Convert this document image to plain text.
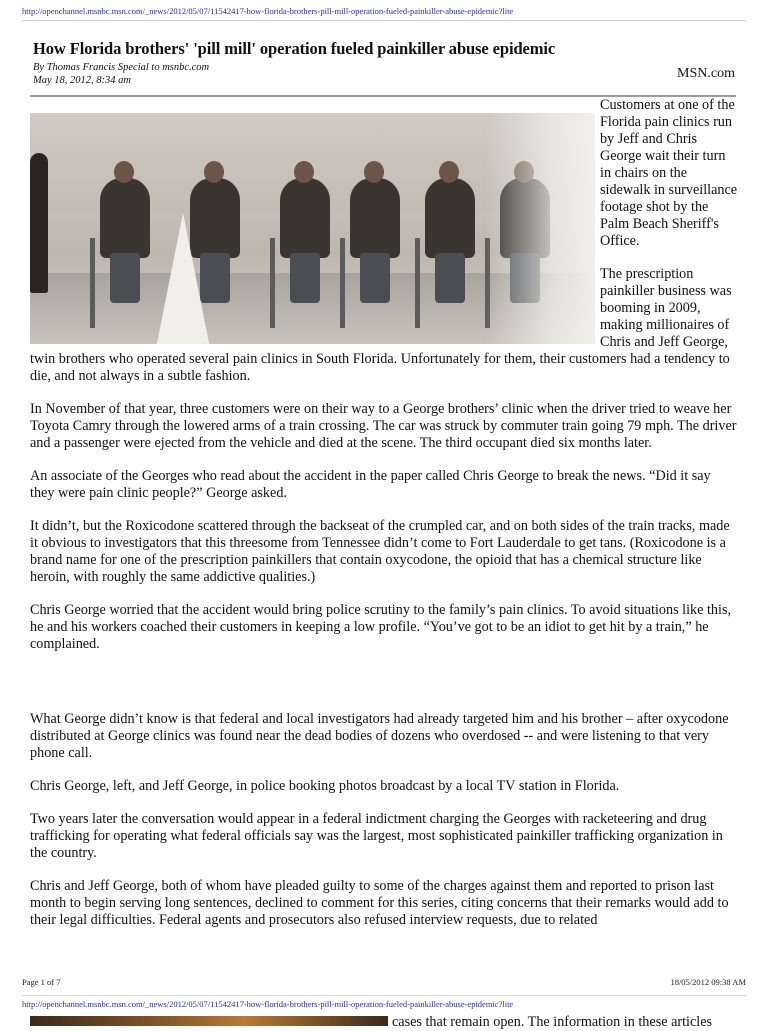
http://openchannel.msnbc.msn.com/_news/2012/05/07/11542417-how-florida-brothers-pill-mill-operation-fueled-painkiller-abuse-epidemic?lite
How Florida brothers' 'pill mill' operation fueled painkiller abuse epidemic
By Thomas Francis Special to msnbc.com
May 18, 2012, 8:34 am	MSN.com

Customers at one of the Florida pain clinics run by Jeff and Chris George wait their turn in chairs on the sidewalk in surveillance footage shot by the Palm Beach Sheriff's Office.

The prescription painkiller business was booming in 2009, making millionaires of Chris and Jeff George, twin brothers who operated several pain clinics in South Florida. Unfortunately for them, their customers had a tendency to die, and not always in a subtle fashion.

In November of that year, three customers were on their way to a George brothers’ clinic when the driver tried to weave her Toyota Camry through the lowered arms of a train crossing. The car was struck by commuter train going 79 mph. The driver and a passenger were ejected from the vehicle and died at the scene. The third occupant died six months later.

An associate of the Georges who read about the accident in the paper called Chris George to break the news. “Did it say they were pain clinic people?” George asked.

It didn’t, but the Roxicodone scattered through the backseat of the crumpled car, and on both sides of the train tracks, made it obvious to investigators that this threesome from Tennessee didn’t come to Fort Lauderdale to get tans. (Roxicodone is a brand name for one of the prescription painkillers that contain oxycodone, the opioid that has a chemical structure like heroin, with roughly the same addictive qualities.)

Chris George worried that the accident would bring police scrutiny to the family’s pain clinics. To avoid situations like this, he and his workers coached their customers in keeping a low profile. “You’ve got to be an idiot to get hit by a train,” he complained.

What George didn’t know is that federal and local investigators had already targeted him and his brother – after oxycodone distributed at George clinics was found near the dead bodies of dozens who overdosed -- and were listening to that very phone call.

Chris George, left, and Jeff George, in police booking photos broadcast by a local TV station in Florida.

Two years later the conversation would appear in a federal indictment charging the Georges with racketeering and drug trafficking for operating what federal officials say was the largest, most sophisticated painkiller trafficking organization in the country.

Chris and Jeff George, both of whom have pleaded guilty to some of the charges against them and reported to prison last month to begin serving long sentences, declined to comment for this series, citing concerns that their remarks would add to their legal difficulties. Federal agents and prosecutors also refused interview requests, due to related

Page 1 of 7	18/05/2012 09:38 AM
http://openchannel.msnbc.msn.com/_news/2012/05/07/11542417-how-florida-brothers-pill-mill-operation-fueled-painkiller-abuse-epidemic?lite
cases that remain open. The information in these articles
